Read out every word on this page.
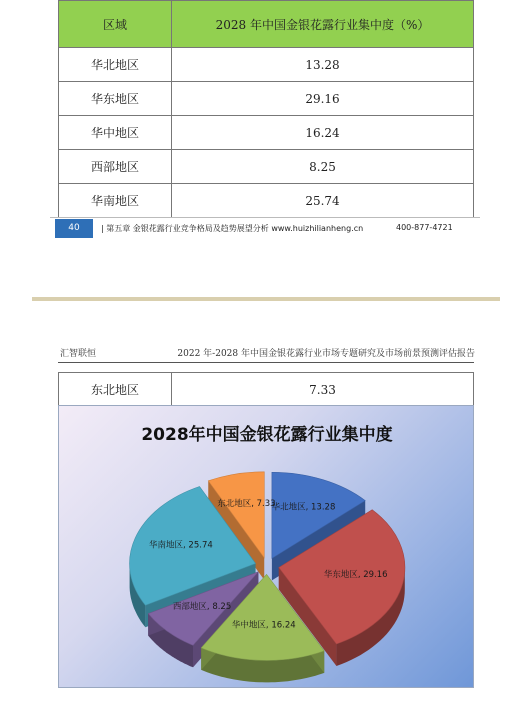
区域	2028 年中国金银花露行业集中度（%）
华北地区	13.28
华东地区	29.16
华中地区	16.24
西部地区	8.25
华南地区	25.74
40	| 第五章 金银花露行业竞争格局及趋势展望分析 www.huizhilianheng.cn	400-877-4721
汇智联恒	2022 年-2028 年中国金银花露行业市场专题研究及市场前景预测评估报告
东北地区	7.33
2028年中国金银花露行业集中度
华北地区, 13.28
华东地区, 29.16
华中地区, 16.24
西部地区, 8.25
华南地区, 25.74
东北地区, 7.33
